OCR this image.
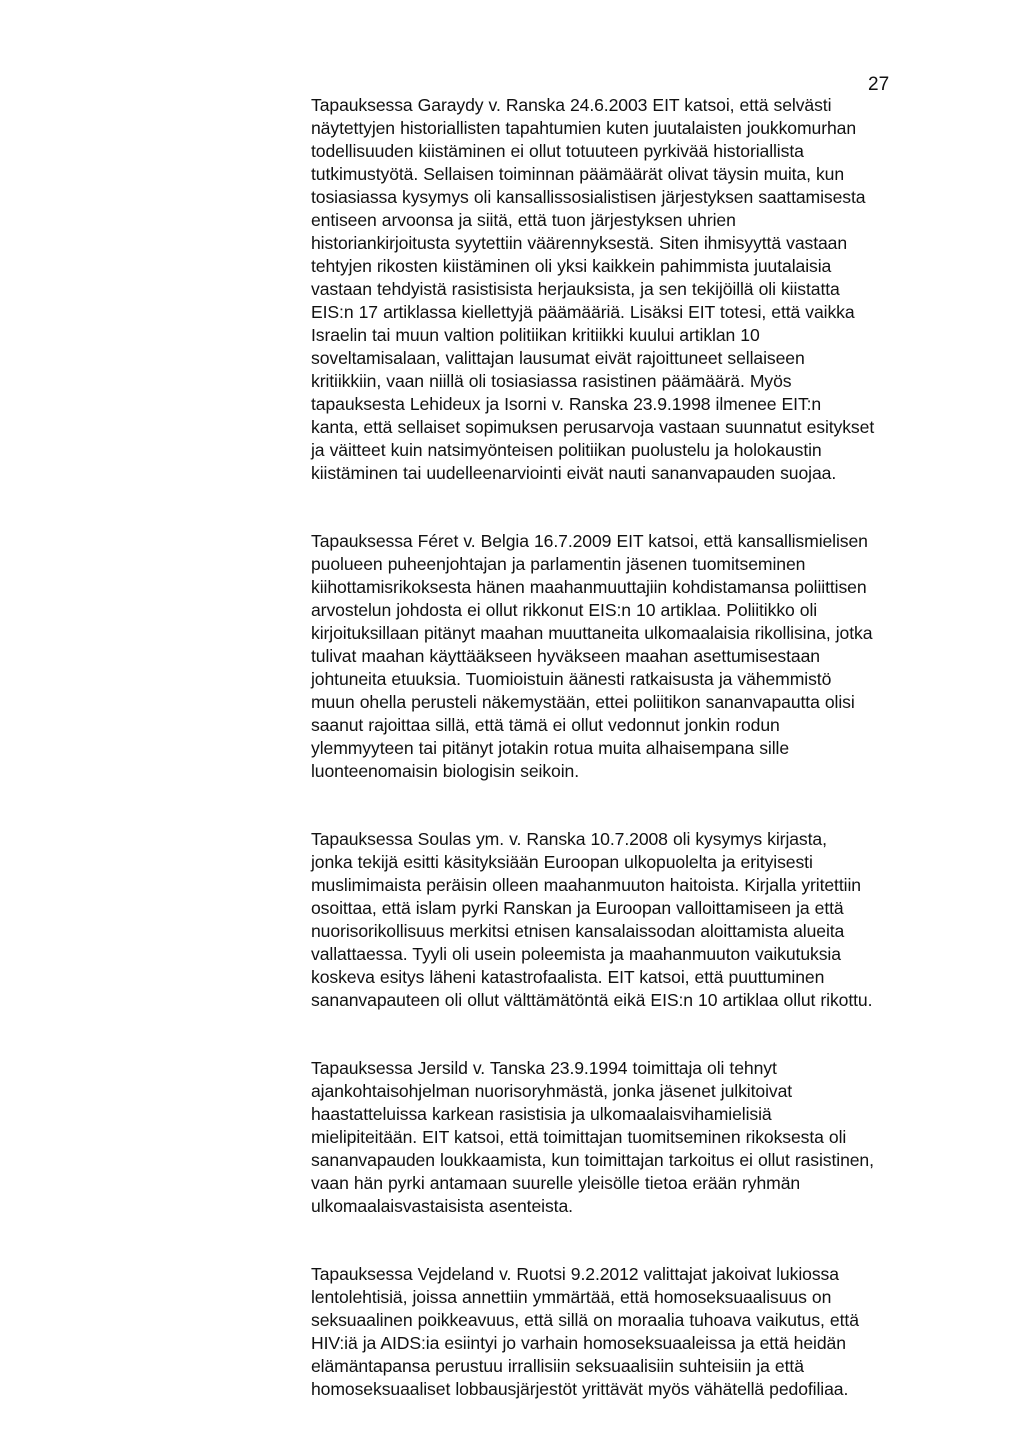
27

Tapauksessa Garaydy v. Ranska 24.6.2003 EIT katsoi, että selvästi
näytettyjen historiallisten tapahtumien kuten juutalaisten joukkomurhan
todellisuuden kiistäminen ei ollut totuuteen pyrkivää historiallista
tutkimustyötä. Sellaisen toiminnan päämäärät olivat täysin muita, kun
tosiasiassa kysymys oli kansallissosialistisen järjestyksen saattamisesta
entiseen arvoonsa ja siitä, että tuon järjestyksen uhrien
historiankirjoitusta syytettiin väärennyksestä. Siten ihmisyyttä vastaan
tehtyjen rikosten kiistäminen oli yksi kaikkein pahimmista juutalaisia
vastaan tehdyistä rasistisista herjauksista, ja sen tekijöillä oli kiistatta
EIS:n 17 artiklassa kiellettyjä päämääriä. Lisäksi EIT totesi, että vaikka
Israelin tai muun valtion politiikan kritiikki kuului artiklan 10
soveltamisalaan, valittajan lausumat eivät rajoittuneet sellaiseen
kritiikkiin, vaan niillä oli tosiasiassa rasistinen päämäärä. Myös
tapauksesta Lehideux ja Isorni v. Ranska 23.9.1998 ilmenee EIT:n
kanta, että sellaiset sopimuksen perusarvoja vastaan suunnatut esitykset
ja väitteet kuin natsimyönteisen politiikan puolustelu ja holokaustin
kiistäminen tai uudelleenarviointi eivät nauti sananvapauden suojaa.

Tapauksessa Féret v. Belgia 16.7.2009 EIT katsoi, että kansallismielisen
puolueen puheenjohtajan ja parlamentin jäsenen tuomitseminen
kiihottamisrikoksesta hänen maahanmuuttajiin kohdistamansa poliittisen
arvostelun johdosta ei ollut rikkonut EIS:n 10 artiklaa. Poliitikko oli
kirjoituksillaan pitänyt maahan muuttaneita ulkomaalaisia rikollisina, jotka
tulivat maahan käyttääkseen hyväkseen maahan asettumisestaan
johtuneita etuuksia. Tuomioistuin äänesti ratkaisusta ja vähemmistö
muun ohella perusteli näkemystään, ettei poliitikon sananvapautta olisi
saanut rajoittaa sillä, että tämä ei ollut vedonnut jonkin rodun
ylemmyyteen tai pitänyt jotakin rotua muita alhaisempana sille
luonteenomaisin biologisin seikoin.

Tapauksessa Soulas ym. v. Ranska 10.7.2008 oli kysymys kirjasta,
jonka tekijä esitti käsityksiään Euroopan ulkopuolelta ja erityisesti
muslimimaista peräisin olleen maahanmuuton haitoista. Kirjalla yritettiin
osoittaa, että islam pyrki Ranskan ja Euroopan valloittamiseen ja että
nuorisorikollisuus merkitsi etnisen kansalaissodan aloittamista alueita
vallattaessa. Tyyli oli usein poleemista ja maahanmuuton vaikutuksia
koskeva esitys läheni katastrofaalista. EIT katsoi, että puuttuminen
sananvapauteen oli ollut välttämätöntä eikä EIS:n 10 artiklaa ollut rikottu.

Tapauksessa Jersild v. Tanska 23.9.1994 toimittaja oli tehnyt
ajankohtaisohjelman nuorisoryhmästä, jonka jäsenet julkitoivat
haastatteluissa karkean rasistisia ja ulkomaalaisvihamielisiä
mielipiteitään. EIT katsoi, että toimittajan tuomitseminen rikoksesta oli
sananvapauden loukkaamista, kun toimittajan tarkoitus ei ollut rasistinen,
vaan hän pyrki antamaan suurelle yleisölle tietoa erään ryhmän
ulkomaalaisvastaisista asenteista.

Tapauksessa Vejdeland v. Ruotsi 9.2.2012 valittajat jakoivat lukiossa
lentolehtisiä, joissa annettiin ymmärtää, että homoseksuaalisuus on
seksuaalinen poikkeavuus, että sillä on moraalia tuhoava vaikutus, että
HIV:iä ja AIDS:ia esiintyi jo varhain homoseksuaaleissa ja että heidän
elämäntapansa perustuu irrallisiin seksuaalisiin suhteisiin ja että
homoseksuaaliset lobbausjärjestöt yrittävät myös vähätellä pedofiliaa.
